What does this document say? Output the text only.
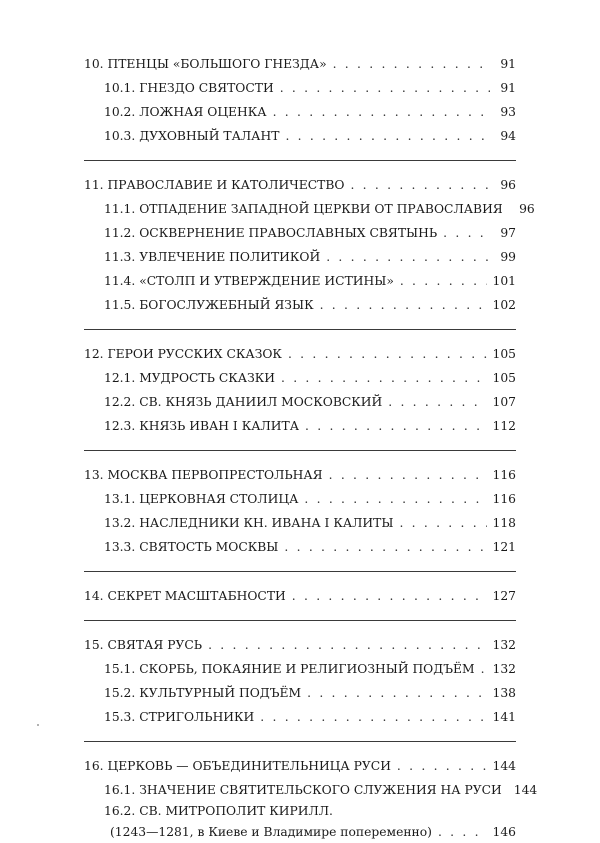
10. ПТЕНЦЫ «БОЛЬШОГО ГНЕЗДА» . . .	91
10.1. ГНЕЗДО СВЯТОСТИ . . .	91
10.2. ЛОЖНАЯ ОЦЕНКА . . .	93
10.3. ДУХОВНЫЙ ТАЛАНТ . . .	94
11. ПРАВОСЛАВИЕ И КАТОЛИЧЕСТВО . . .	96
11.1. ОТПАДЕНИЕ ЗАПАДНОЙ ЦЕРКВИ ОТ ПРАВОСЛАВИЯ	96
11.2. ОСКВЕРНЕНИЕ ПРАВОСЛАВНЫХ СВЯТЫНЬ . . .	97
11.3. УВЛЕЧЕНИЕ ПОЛИТИКОЙ . . .	99
11.4. «СТОЛП И УТВЕРЖДЕНИЕ ИСТИНЫ» . . .	101
11.5. БОГОСЛУЖЕБНЫЙ ЯЗЫК . . .	102
12. ГЕРОИ РУССКИХ СКАЗОК . . .	105
12.1. МУДРОСТЬ СКАЗКИ . . .	105
12.2. СВ. КНЯЗЬ ДАНИИЛ МОСКОВСКИЙ . . .	107
12.3. КНЯЗЬ ИВАН I КАЛИТА . . .	112
13. МОСКВА ПЕРВОПРЕСТОЛЬНАЯ . . .	116
13.1. ЦЕРКОВНАЯ СТОЛИЦА . . .	116
13.2. НАСЛЕДНИКИ КН. ИВАНА I КАЛИТЫ . . .	118
13.3. СВЯТОСТЬ МОСКВЫ . . .	121
14. СЕКРЕТ МАСШТАБНОСТИ . . .	127
15. СВЯТАЯ РУСЬ . . .	132
15.1. СКОРБЬ, ПОКАЯНИЕ И РЕЛИГИОЗНЫЙ ПОДЪЁМ . . . 132
15.2. КУЛЬТУРНЫЙ ПОДЪЁМ . . .	138
15.3. СТРИГОЛЬНИКИ . . .	141
16. ЦЕРКОВЬ — ОБЪЕДИНИТЕЛЬНИЦА РУСИ . . .	144
16.1. ЗНАЧЕНИЕ СВЯТИТЕЛЬСКОГО СЛУЖЕНИЯ НА РУСИ 144
16.2. СВ. МИТРОПОЛИТ КИРИЛЛ.
(1243—1281, в Киеве и Владимире попеременно) . . .	146
